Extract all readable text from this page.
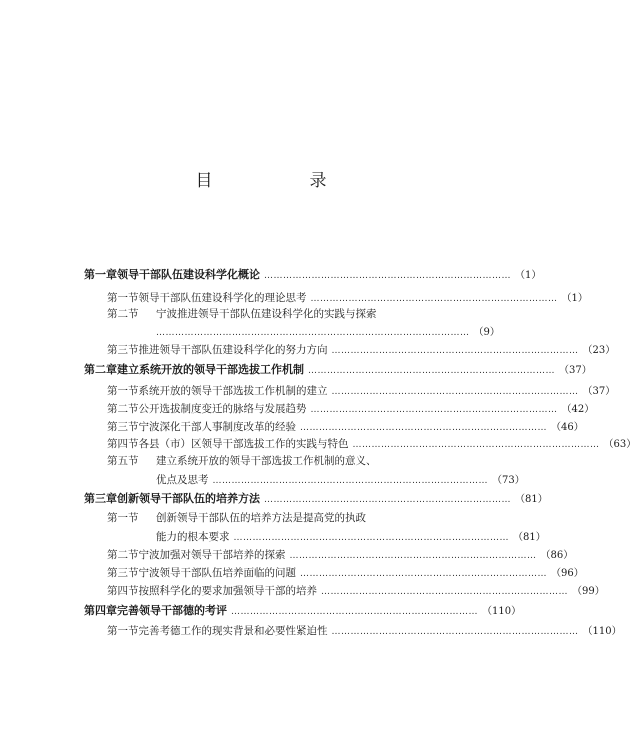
目　录
第一章 领导干部队伍建设科学化概论 …………………………………………………………………… （1）
第一节 领导干部队伍建设科学化的理论思考 …………………………………………………………………… （1）
第二节	宁波推进领导干部队伍建设科学化的实践与探索
……………………………………………………………………………………… （9）
第三节 推进领导干部队伍建设科学化的努力方向 …………………………………………………………………… （23）
第二章 建立系统开放的领导干部选拔工作机制 …………………………………………………………………… （37）
第一节 系统开放的领导干部选拔工作机制的建立 …………………………………………………………………… （37）
第二节 公开选拔制度变迁的脉络与发展趋势 …………………………………………………………………… （42）
第三节 宁波深化干部人事制度改革的经验 …………………………………………………………………… （46）
第四节 各县（市）区领导干部选拔工作的实践与特色 …………………………………………………………………… （63）
第五节	建立系统开放的领导干部选拔工作机制的意义、
优点及思考 …………………………………………………………………………… （73）
第三章 创新领导干部队伍的培养方法 …………………………………………………………………… （81）
第一节	创新领导干部队伍的培养方法是提高党的执政
能力的根本要求 …………………………………………………………………………… （81）
第二节 宁波加强对领导干部培养的探索 …………………………………………………………………… （86）
第三节 宁波领导干部队伍培养面临的问题 …………………………………………………………………… （96）
第四节 按照科学化的要求加强领导干部的培养 …………………………………………………………………… （99）
第四章 完善领导干部德的考评 …………………………………………………………………… （110）
第一节 完善考德工作的现实背景和必要性紧迫性 …………………………………………………………………… （110）
